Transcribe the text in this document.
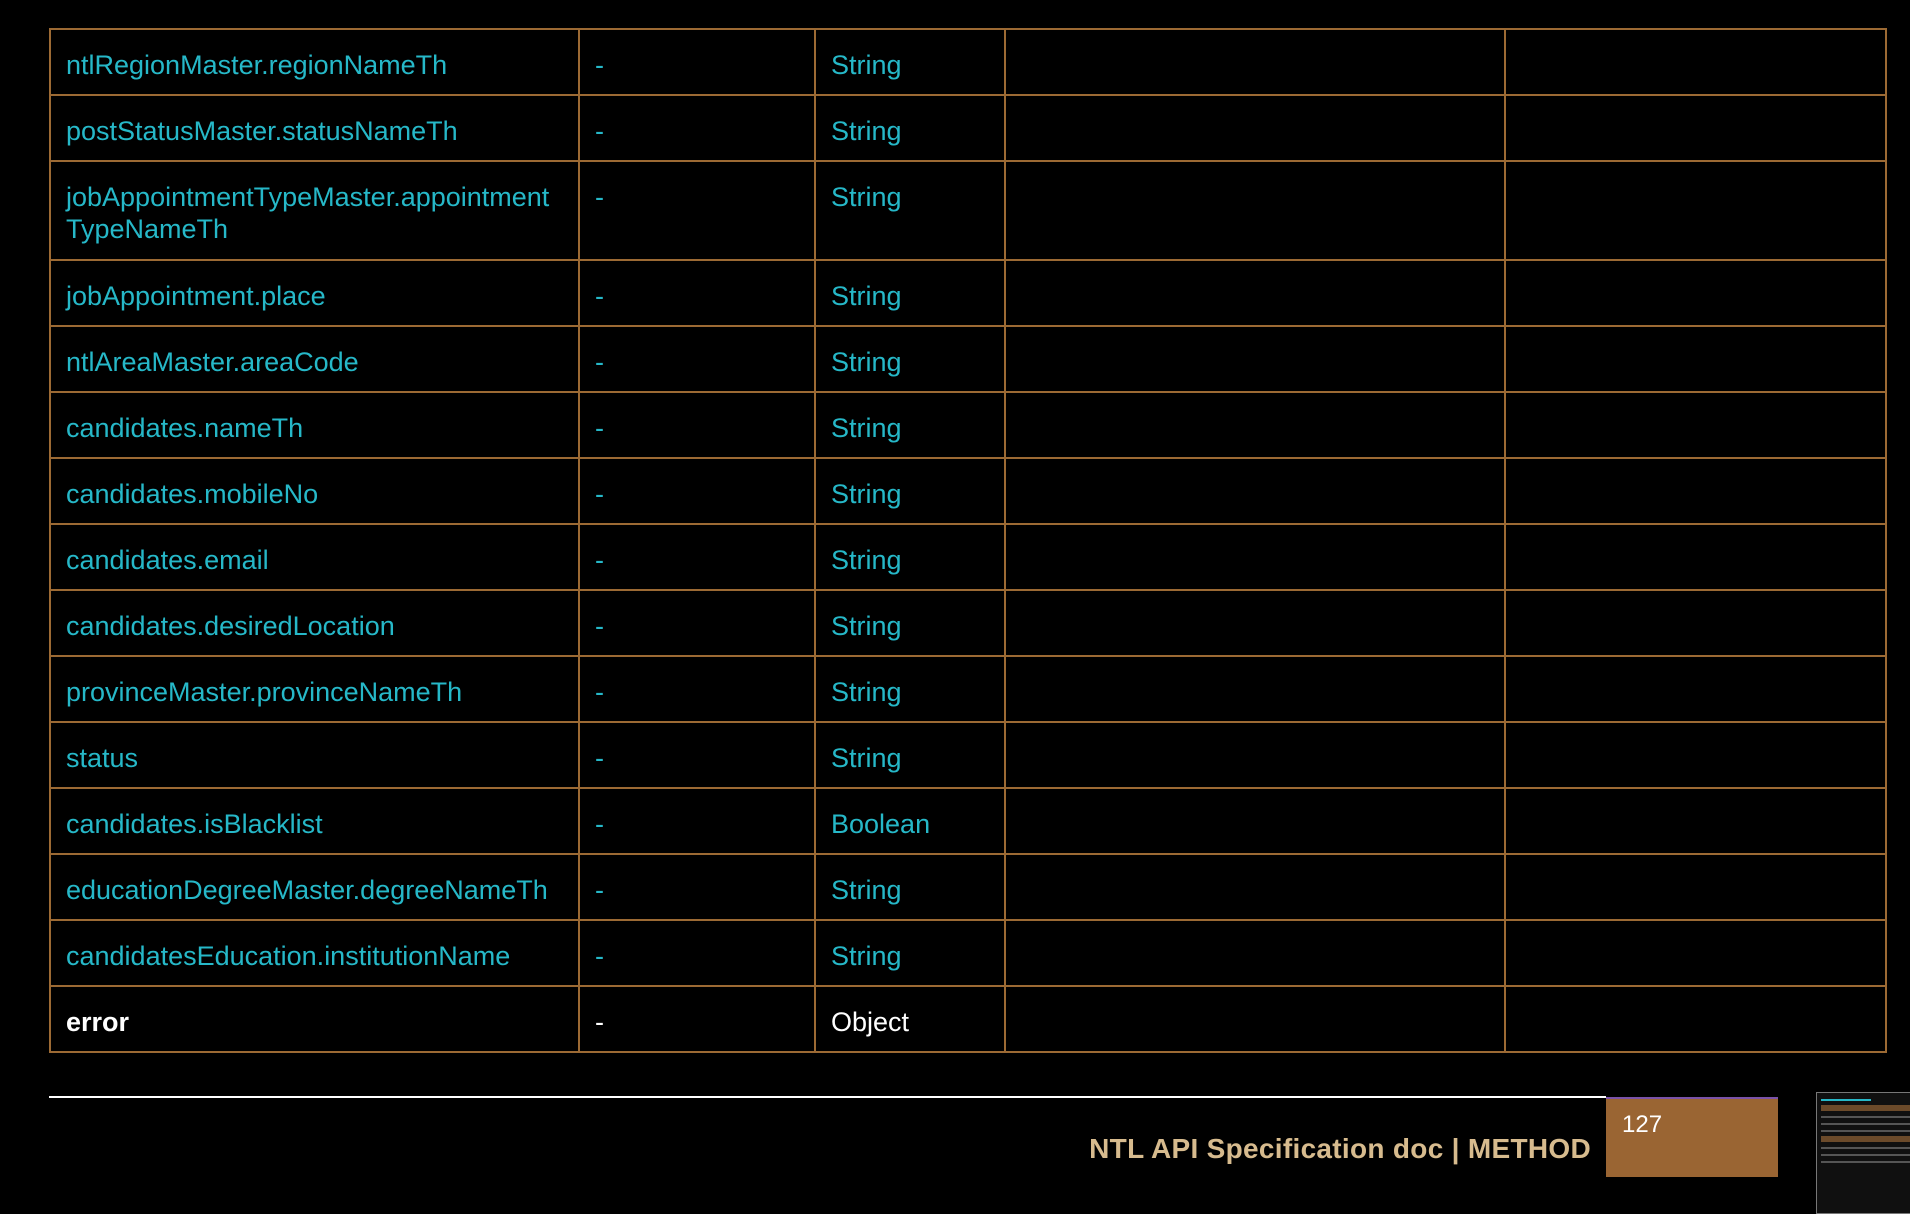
ntlRegionMaster.regionNameTh	-	String		
postStatusMaster.statusNameTh	-	String		
jobAppointmentTypeMaster.appointmentTypeNameTh	-	String		
jobAppointment.place	-	String		
ntlAreaMaster.areaCode	-	String		
candidates.nameTh	-	String		
candidates.mobileNo	-	String		
candidates.email	-	String		
candidates.desiredLocation	-	String		
provinceMaster.provinceNameTh	-	String		
status	-	String		
candidates.isBlacklist	-	Boolean		
educationDegreeMaster.degreeNameTh	-	String		
candidatesEducation.institutionName	-	String		
error	-	Object		
NTL API Specification doc | METHOD
127
